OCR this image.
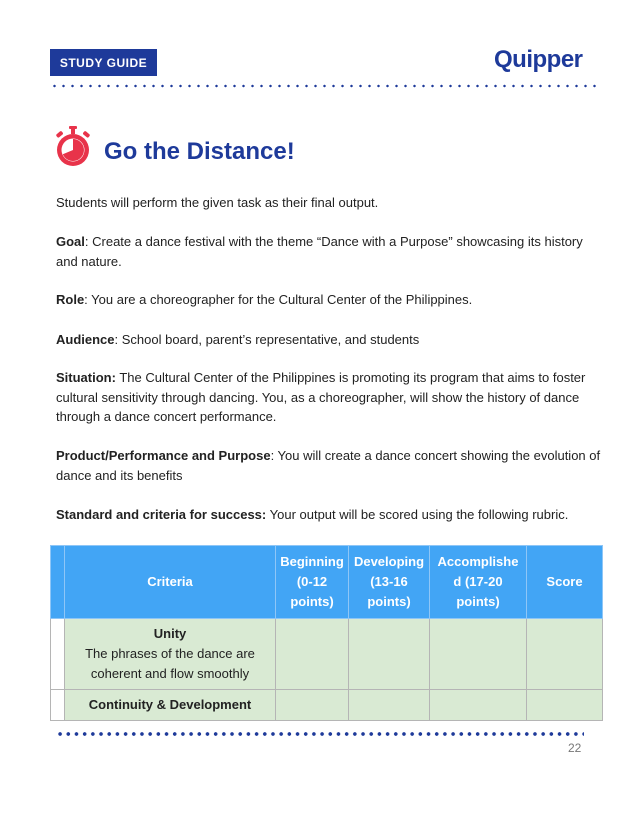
STUDY GUIDE	Quipper
Go the Distance!

Students will perform the given task as their final output.

Goal: Create a dance festival with the theme “Dance with a Purpose” showcasing its history and nature.

Role: You are a choreographer for the Cultural Center of the Philippines.

Audience: School board, parent’s representative, and students

Situation: The Cultural Center of the Philippines is promoting its program that aims to foster cultural sensitivity through dancing. You, as a choreographer, will show the history of dance through a dance concert performance.

Product/Performance and Purpose: You will create a dance concert showing the evolution of dance and its benefits

Standard and criteria for success: Your output will be scored using the following rubric.

	Criteria	Beginning (0-12 points)	Developing (13-16 points)	Accomplishe d (17-20 points)	Score

	Unity
The phrases of the dance are coherent and flow smoothly				

	Continuity & Development				

22
